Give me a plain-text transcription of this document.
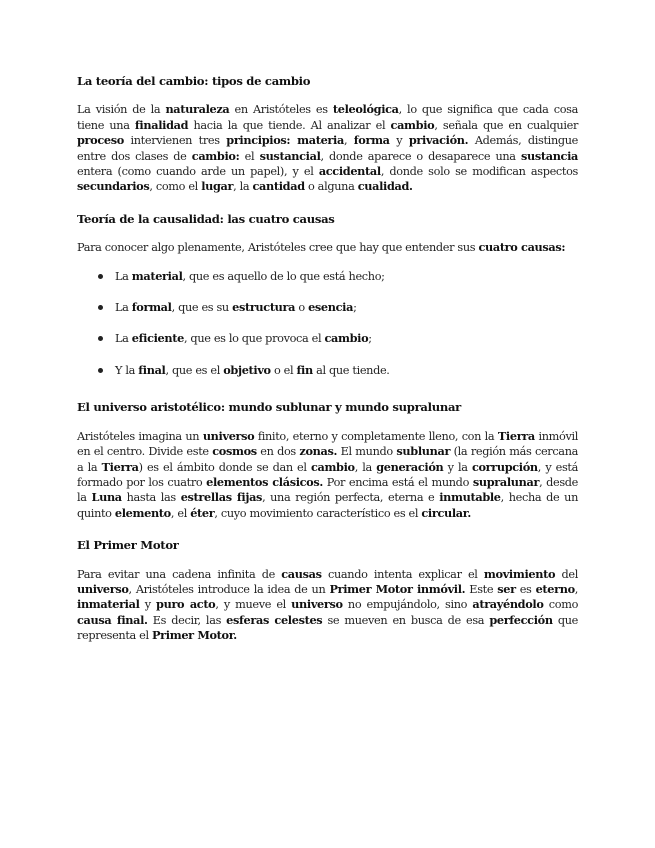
La teoría del cambio: tipos de cambio

La visión de la naturaleza en Aristóteles es teleológica, lo que significa que cada cosa tiene una finalidad hacia la que tiende. Al analizar el cambio, señala que en cualquier proceso intervienen tres principios: materia, forma y privación. Además, distingue entre dos clases de cambio: el sustancial, donde aparece o desaparece una sustancia entera (como cuando arde un papel), y el accidental, donde solo se modifican aspectos secundarios, como el lugar, la cantidad o alguna cualidad.

Teoría de la causalidad: las cuatro causas

Para conocer algo plenamente, Aristóteles cree que hay que entender sus cuatro causas:

La material, que es aquello de lo que está hecho;
La formal, que es su estructura o esencia;
La eficiente, que es lo que provoca el cambio;
Y la final, que es el objetivo o el fin al que tiende.
El universo aristotélico: mundo sublunar y mundo supralunar

Aristóteles imagina un universo finito, eterno y completamente lleno, con la Tierra inmóvil en el centro. Divide este cosmos en dos zonas. El mundo sublunar (la región más cercana a la Tierra) es el ámbito donde se dan el cambio, la generación y la corrupción, y está formado por los cuatro elementos clásicos. Por encima está el mundo supralunar, desde la Luna hasta las estrellas fijas, una región perfecta, eterna e inmutable, hecha de un quinto elemento, el éter, cuyo movimiento característico es el circular.

El Primer Motor

Para evitar una cadena infinita de causas cuando intenta explicar el movimiento del universo, Aristóteles introduce la idea de un Primer Motor inmóvil. Este ser es eterno, inmaterial y puro acto, y mueve el universo no empujándolo, sino atrayéndolo como causa final. Es decir, las esferas celestes se mueven en busca de esa perfección que representa el Primer Motor.
